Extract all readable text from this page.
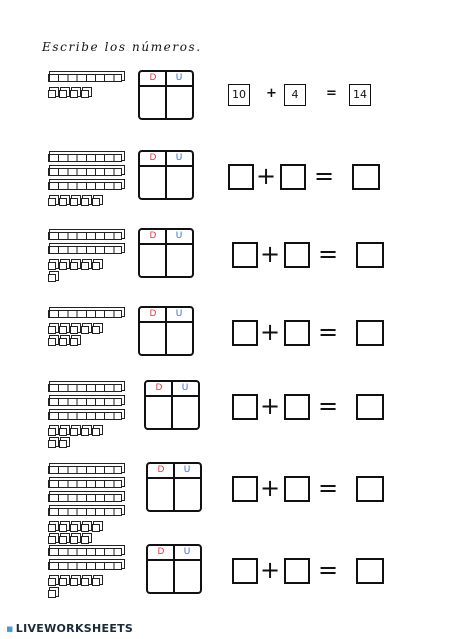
Escribe los números.
D	U
10	+	4	=	14
D	U
+ =
D	U
+ =
D	U
+ =
D	U
+ =
D	U
+ =
D	U
+ =
▪ LIVEWORKSHEETS
